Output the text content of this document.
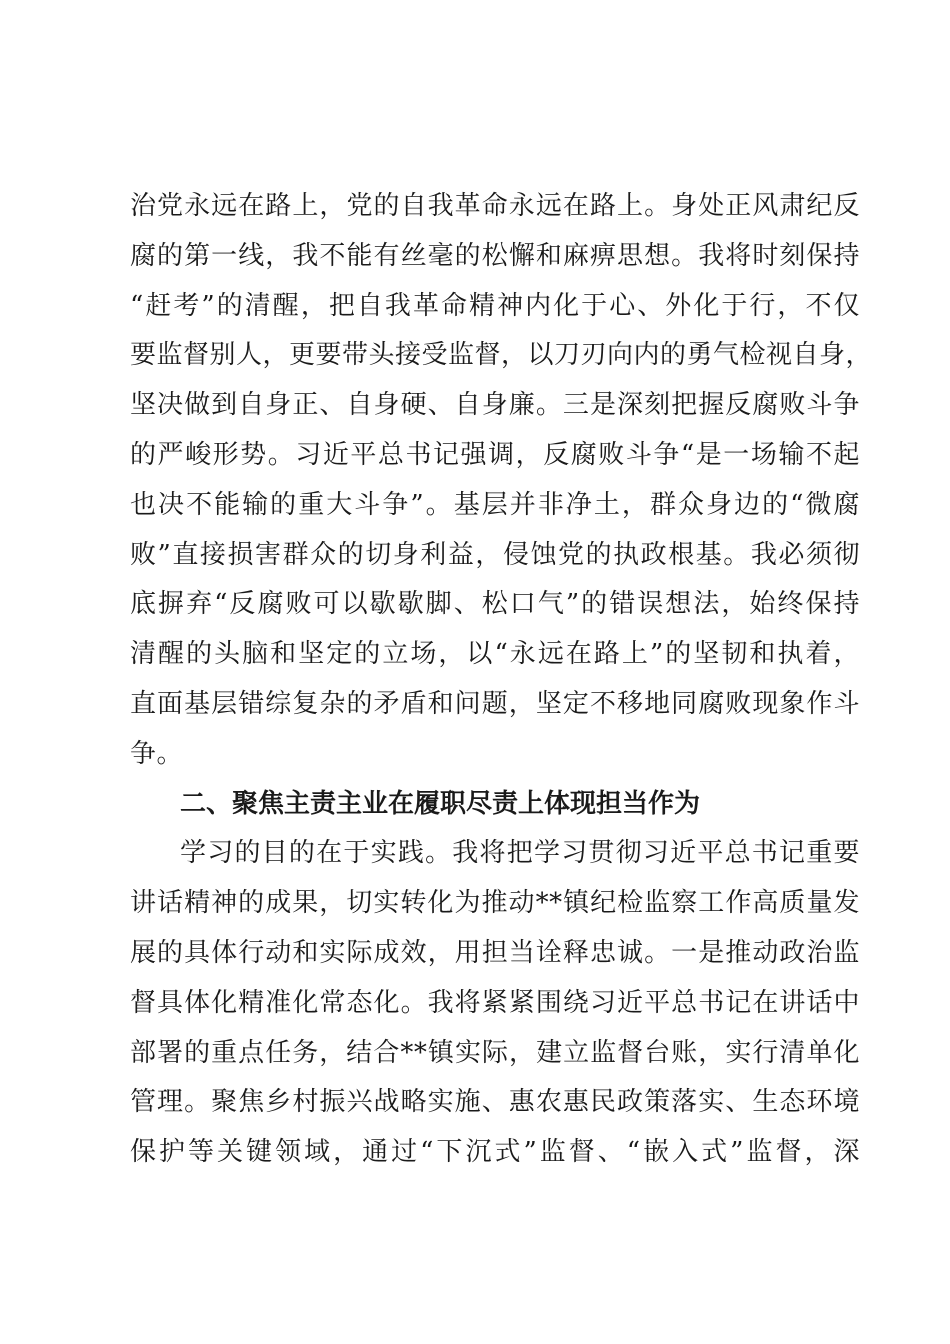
治党永远在路上，党的自我革命永远在路上。身处正风肃纪反
腐的第一线，我不能有丝毫的松懈和麻痹思想。我将时刻保持
“赶考”的清醒，把自我革命精神内化于心、外化于行，不仅
要监督别人，更要带头接受监督，以刀刃向内的勇气检视自身，
坚决做到自身正、自身硬、自身廉。三是深刻把握反腐败斗争
的严峻形势。习近平总书记强调，反腐败斗争“是一场输不起
也决不能输的重大斗争”。基层并非净土，群众身边的“微腐
败”直接损害群众的切身利益，侵蚀党的执政根基。我必须彻
底摒弃“反腐败可以歇歇脚、松口气”的错误想法，始终保持
清醒的头脑和坚定的立场，以“永远在路上”的坚韧和执着，
直面基层错综复杂的矛盾和问题，坚定不移地同腐败现象作斗
争。
二、聚焦主责主业在履职尽责上体现担当作为
学习的目的在于实践。我将把学习贯彻习近平总书记重要
讲话精神的成果，切实转化为推动**镇纪检监察工作高质量发
展的具体行动和实际成效，用担当诠释忠诚。一是推动政治监
督具体化精准化常态化。我将紧紧围绕习近平总书记在讲话中
部署的重点任务，结合**镇实际，建立监督台账，实行清单化
管理。聚焦乡村振兴战略实施、惠农惠民政策落实、生态环境
保护等关键领域，通过“下沉式”监督、“嵌入式”监督，深
